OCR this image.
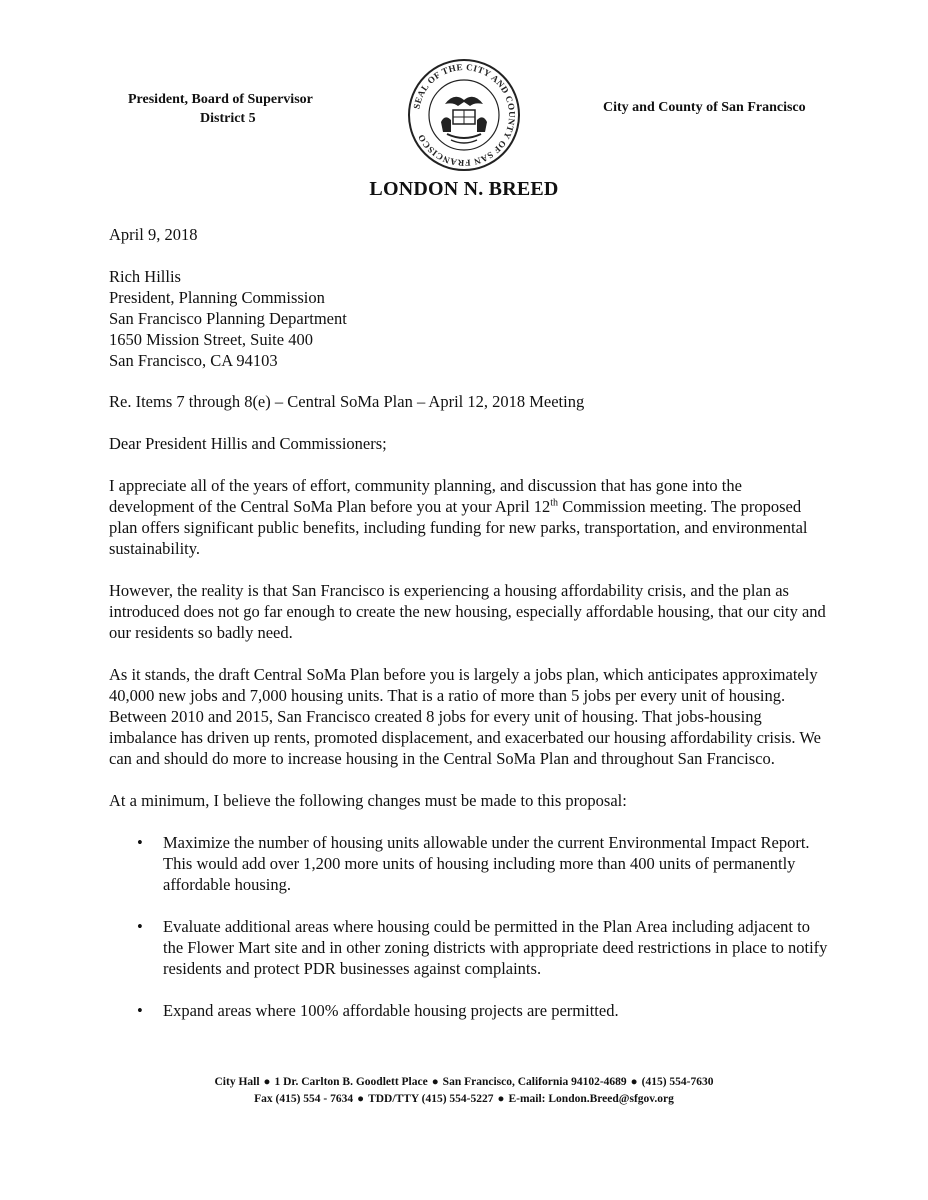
President, Board of Supervisor
District 5
SEAL OF THE CITY AND COUNTY OF SAN FRANCISCO
City and County of San Francisco
LONDON N. BREED

April 9, 2018

Rich Hillis

President, Planning Commission

San Francisco Planning Department

1650 Mission Street, Suite 400

San Francisco, CA 94103

Re. Items 7 through 8(e) – Central SoMa Plan – April 12, 2018 Meeting

Dear President Hillis and Commissioners;

I appreciate all of the years of effort, community planning, and discussion that has gone into the development of the Central SoMa Plan before you at your April 12th Commission meeting. The proposed plan offers significant public benefits, including funding for new parks, transportation, and environmental sustainability.

However, the reality is that San Francisco is experiencing a housing affordability crisis, and the plan as introduced does not go far enough to create the new housing, especially affordable housing, that our city and our residents so badly need.

As it stands, the draft Central SoMa Plan before you is largely a jobs plan, which anticipates approximately 40,000 new jobs and 7,000 housing units. That is a ratio of more than 5 jobs per every unit of housing. Between 2010 and 2015, San Francisco created 8 jobs for every unit of housing. That jobs-housing imbalance has driven up rents, promoted displacement, and exacerbated our housing affordability crisis. We can and should do more to increase housing in the Central SoMa Plan and throughout San Francisco.

At a minimum, I believe the following changes must be made to this proposal:

• Maximize the number of housing units allowable under the current Environmental Impact Report. This would add over 1,200 more units of housing including more than 400 units of permanently affordable housing.
• Evaluate additional areas where housing could be permitted in the Plan Area including adjacent to the Flower Mart site and in other zoning districts with appropriate deed restrictions in place to notify residents and protect PDR businesses against complaints.
• Expand areas where 100% affordable housing projects are permitted.
City Hall ● 1 Dr. Carlton B. Goodlett Place ● San Francisco, California 94102-4689 ● (415) 554-7630
Fax (415) 554 - 7634 ● TDD/TTY (415) 554-5227 ● E-mail: London.Breed@sfgov.org
